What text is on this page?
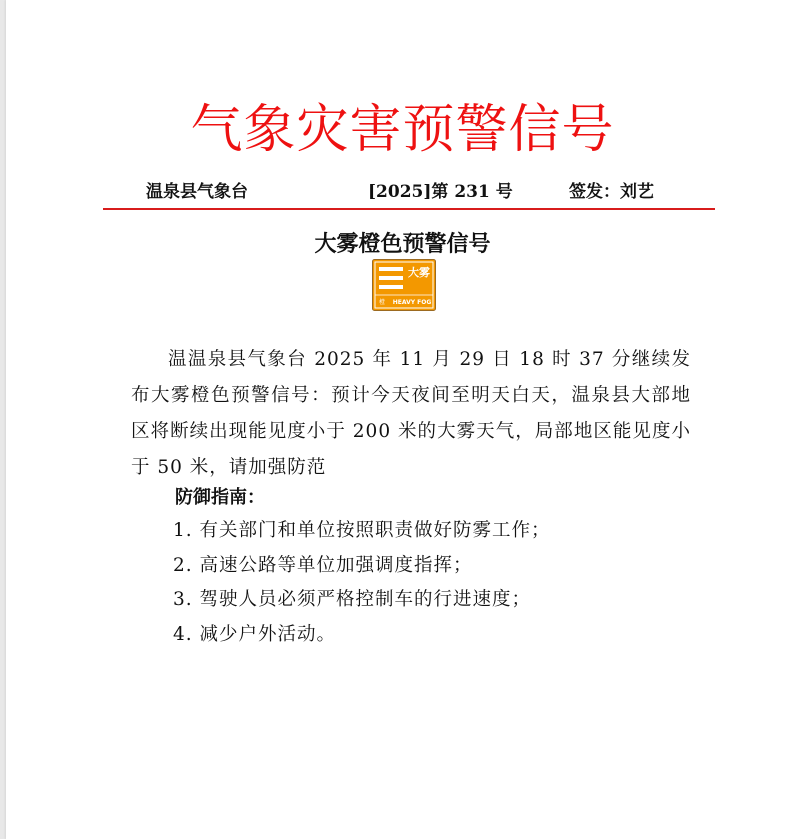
气象灾害预警信号
温泉县气象台	[2025]第 231 号	签发：刘艺
大雾橙色预警信号
大雾
橙 HEAVY FOG
温温泉县气象台 2025 年 11 月 29 日 18 时 37 分继续发布大雾橙色预警信号：预计今天夜间至明天白天，温泉县大部地区将断续出现能见度小于 200 米的大雾天气，局部地区能见度小于 50 米，请加强防范
防御指南：
1. 有关部门和单位按照职责做好防雾工作；
2. 高速公路等单位加强调度指挥；
3. 驾驶人员必须严格控制车的行进速度；
4. 减少户外活动。
